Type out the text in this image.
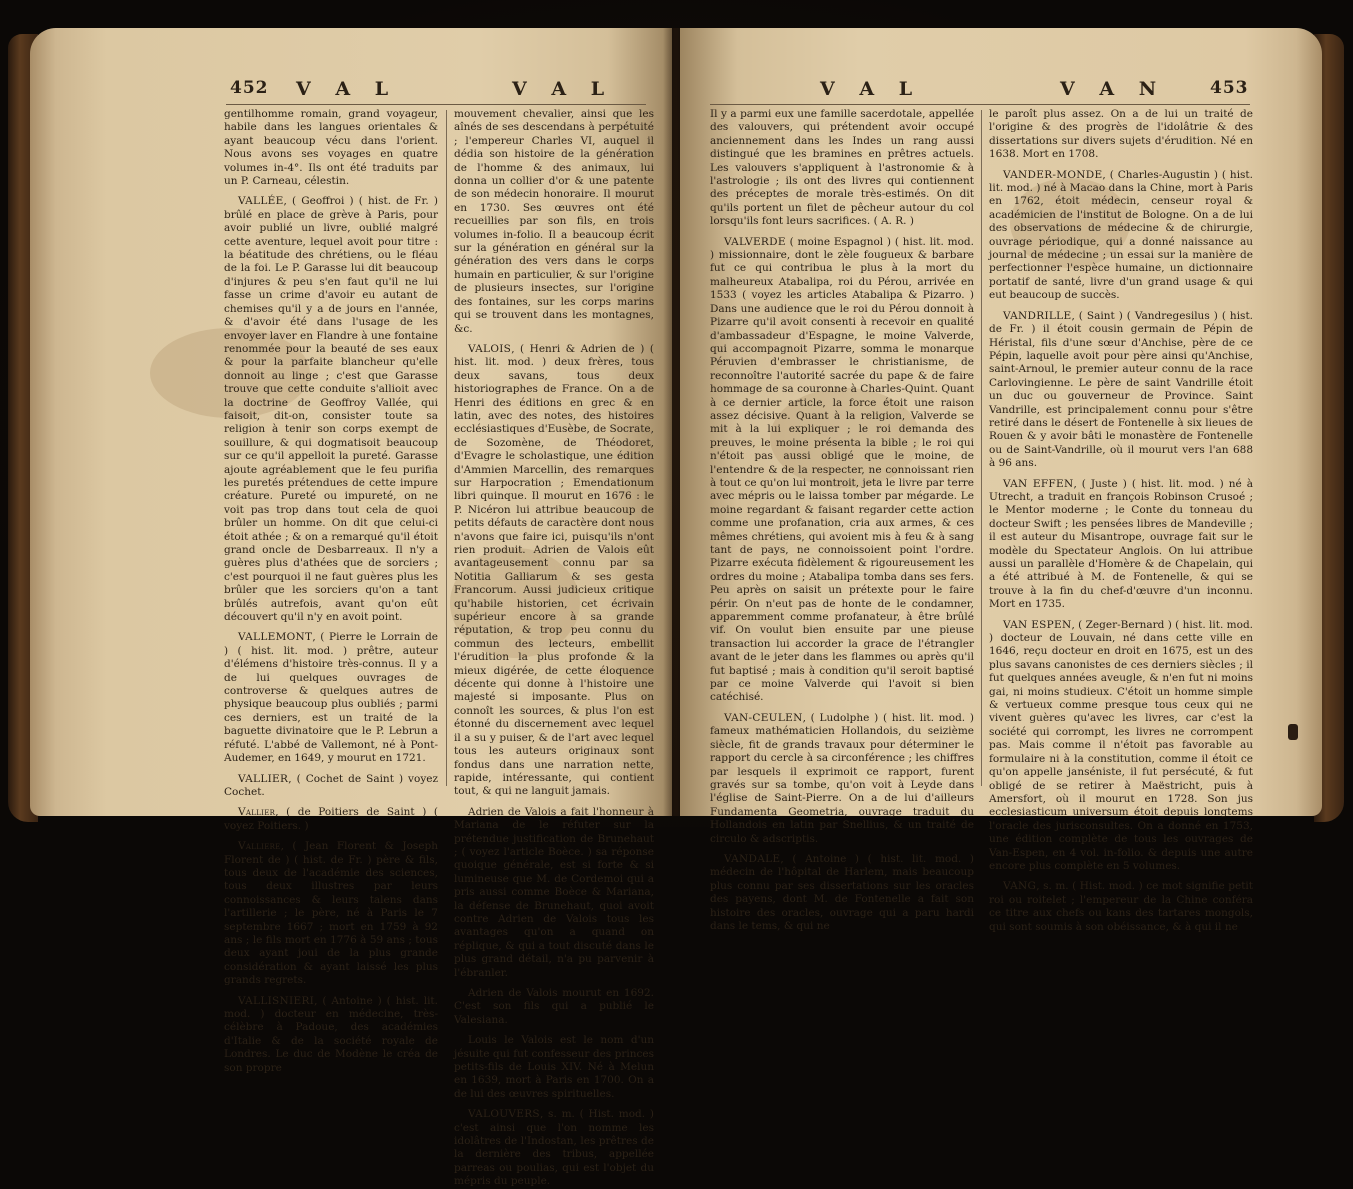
452 V A L	V A L

gentilhomme romain, grand voyageur, habile dans les langues orientales & ayant beaucoup vécu dans l'orient. Nous avons ses voyages en quatre volumes in-4°. Ils ont été traduits par un P. Carneau, célestin.

VALLÉE, ( Geoffroi ) ( hist. de Fr. ) brûlé en place de grève à Paris, pour avoir publié un livre, oublié malgré cette aventure, lequel avoit pour titre : la béatitude des chrétiens, ou le fléau de la foi. Le P. Garasse lui dit beaucoup d'injures & peu s'en faut qu'il ne lui fasse un crime d'avoir eu autant de chemises qu'il y a de jours en l'année, & d'avoir été dans l'usage de les envoyer laver en Flandre à une fontaine renommée pour la beauté de ses eaux & pour la parfaite blancheur qu'elle donnoit au linge ; c'est que Garasse trouve que cette conduite s'allioit avec la doctrine de Geoffroy Vallée, qui faisoit, dit-on, consister toute sa religion à tenir son corps exempt de souillure, & qui dogmatisoit beaucoup sur ce qu'il appelloit la pureté. Garasse ajoute agréablement que le feu purifia les puretés prétendues de cette impure créature. Pureté ou impureté, on ne voit pas trop dans tout cela de quoi brûler un homme. On dit que celui-ci étoit athée ; & on a remarqué qu'il étoit grand oncle de Desbarreaux. Il n'y a guères plus d'athées que de sorciers ; c'est pourquoi il ne faut guères plus les brûler que les sorciers qu'on a tant brûlés autrefois, avant qu'on eût découvert qu'il n'y en avoit point.

VALLEMONT, ( Pierre le Lorrain de ) ( hist. lit. mod. ) prêtre, auteur d'élémens d'histoire très-connus. Il y a de lui quelques ouvrages de controverse & quelques autres de physique beaucoup plus oubliés ; parmi ces derniers, est un traité de la baguette divinatoire que le P. Lebrun a réfuté. L'abbé de Vallemont, né à Pont-Audemer, en 1649, y mourut en 1721.

VALLIER, ( Cochet de Saint ) voyez Cochet.

Vallier, ( de Poitiers de Saint ) ( voyez Poitiers. )

Valliere, ( Jean Florent & Joseph Florent de ) ( hist. de Fr. ) père & fils, tous deux de l'académie des sciences, tous deux illustres par leurs connoissances & leurs talens dans l'artillerie ; le père, né à Paris le 7 septembre 1667 ; mort en 1759 à 92 ans ; le fils mort en 1776 à 59 ans ; tous deux ayant joui de la plus grande considération & ayant laissé les plus grands regrets.

VALLISNIERI, ( Antoine ) ( hist. lit. mod. ) docteur en médecine, très-célèbre à Padoue, des académies d'Italie & de la société royale de Londres. Le duc de Modène le créa de son propre

mouvement chevalier, ainsi que les aînés de ses descendans à perpétuité ; l'empereur Charles VI, auquel il dédia son histoire de la génération de l'homme & des animaux, lui donna un collier d'or & une patente de son médecin honoraire. Il mourut en 1730. Ses œuvres ont été recueillies par son fils, en trois volumes in-folio. Il a beaucoup écrit sur la génération en général sur la génération des vers dans le corps humain en particulier, & sur l'origine de plusieurs insectes, sur l'origine des fontaines, sur les corps marins qui se trouvent dans les montagnes, &c.

VALOIS, ( Henri & Adrien de ) ( hist. lit. mod. ) deux frères, tous deux savans, tous deux historiographes de France. On a de Henri des éditions en grec & en latin, avec des notes, des histoires ecclésiastiques d'Eusèbe, de Socrate, de Sozomène, de Théodoret, d'Evagre le scholastique, une édition d'Ammien Marcellin, des remarques sur Harpocration ; Emendationum libri quinque. Il mourut en 1676 : le P. Nicéron lui attribue beaucoup de petits défauts de caractère dont nous n'avons que faire ici, puisqu'ils n'ont rien produit. Adrien de Valois eût avantageusement connu par sa Notitia Galliarum & ses gesta Francorum. Aussi judicieux critique qu'habile historien, cet écrivain supérieur encore à sa grande réputation, & trop peu connu du commun des lecteurs, embellit l'érudition la plus profonde & la mieux digérée, de cette éloquence décente qui donne à l'histoire une majesté si imposante. Plus on connoît les sources, & plus l'on est étonné du discernement avec lequel il a su y puiser, & de l'art avec lequel tous les auteurs originaux sont fondus dans une narration nette, rapide, intéressante, qui contient tout, & qui ne languit jamais.

Adrien de Valois a fait l'honneur à Mariana de le réfuter sur la prétendue justification de Brunehaut ; ( voyez l'article Boèce. ) sa réponse quoique générale, est si forte & si lumineuse que M. de Cordemoi qui a pris aussi comme Boèce & Mariana, la défense de Brunehaut, quoi avoit contre Adrien de Valois tous les avantages qu'on a quand on réplique, & qui a tout discuté dans le plus grand détail, n'a pu parvenir à l'ébranler.

Adrien de Valois mourut en 1692. C'est son fils qui a publié le Valesiana.

Louis le Valois est le nom d'un jésuite qui fut confesseur des princes petits-fils de Louis XIV. Né à Melun en 1639, mort à Paris en 1700. On a de lui des œuvres spirituelles.

VALOUVERS, s. m. ( Hist. mod. ) c'est ainsi que l'on nomme les idolâtres de l'Indostan, les prêtres de la dernière des tribus, appellée parreas ou poulias, qui est l'objet du mépris du peuple.

V A L	V A N	453

Il y a parmi eux une famille sacerdotale, appellée des valouvers, qui prétendent avoir occupé anciennement dans les Indes un rang aussi distingué que les bramines en prêtres actuels. Les valouvers s'appliquent à l'astronomie & à l'astrologie ; ils ont des livres qui contiennent des préceptes de morale très-estimés. On dit qu'ils portent un filet de pêcheur autour du col lorsqu'ils font leurs sacrifices. ( A. R. )

VALVERDE ( moine Espagnol ) ( hist. lit. mod. ) missionnaire, dont le zèle fougueux & barbare fut ce qui contribua le plus à la mort du malheureux Atabalipa, roi du Pérou, arrivée en 1533 ( voyez les articles Atabalipa & Pizarro. ) Dans une audience que le roi du Pérou donnoit à Pizarre qu'il avoit consenti à recevoir en qualité d'ambassadeur d'Espagne, le moine Valverde, qui accompagnoit Pizarre, somma le monarque Péruvien d'embrasser le christianisme, de reconnoître l'autorité sacrée du pape & de faire hommage de sa couronne à Charles-Quint. Quant à ce dernier article, la force étoit une raison assez décisive. Quant à la religion, Valverde se mit à la lui expliquer ; le roi demanda des preuves, le moine présenta la bible ; le roi qui n'étoit pas aussi obligé que le moine, de l'entendre & de la respecter, ne connoissant rien à tout ce qu'on lui montroit, jeta le livre par terre avec mépris ou le laissa tomber par mégarde. Le moine regardant & faisant regarder cette action comme une profanation, cria aux armes, & ces mêmes chrétiens, qui avoient mis à feu & à sang tant de pays, ne connoissoient point l'ordre. Pizarre exécuta fidèlement & rigoureusement les ordres du moine ; Atabalipa tomba dans ses fers. Peu après on saisit un prétexte pour le faire périr. On n'eut pas de honte de le condamner, apparemment comme profanateur, à être brûlé vif. On voulut bien ensuite par une pieuse transaction lui accorder la grace de l'étrangler avant de le jeter dans les flammes ou après qu'il fut baptisé ; mais à condition qu'il seroit baptisé par ce moine Valverde qui l'avoit si bien catéchisé.

VAN-CEULEN, ( Ludolphe ) ( hist. lit. mod. ) fameux mathématicien Hollandois, du seizième siècle, fit de grands travaux pour déterminer le rapport du cercle à sa circonférence ; les chiffres par lesquels il exprimoit ce rapport, furent gravés sur sa tombe, qu'on voit à Leyde dans l'église de Saint-Pierre. On a de lui d'ailleurs Fundamenta Geometria, ouvrage traduit du Hollandois en latin par Snellius, & un traité de circulo & adscriptis.

VANDALE, ( Antoine ) ( hist. lit. mod. ) médecin de l'hôpital de Harlem, mais beaucoup plus connu par ses dissertations sur les oracles des payens, dont M. de Fontenelle a fait son histoire des oracles, ouvrage qui a paru hardi dans le tems, & qui ne

le paroît plus assez. On a de lui un traité de l'origine & des progrès de l'idolâtrie & des dissertations sur divers sujets d'érudition. Né en 1638. Mort en 1708.

VANDER-MONDE, ( Charles-Augustin ) ( hist. lit. mod. ) né à Macao dans la Chine, mort à Paris en 1762, étoit médecin, censeur royal & académicien de l'institut de Bologne. On a de lui des observations de médecine & de chirurgie, ouvrage périodique, qui a donné naissance au journal de médecine ; un essai sur la manière de perfectionner l'espèce humaine, un dictionnaire portatif de santé, livre d'un grand usage & qui eut beaucoup de succès.

VANDRILLE, ( Saint ) ( Vandregesilus ) ( hist. de Fr. ) il étoit cousin germain de Pépin de Héristal, fils d'une sœur d'Anchise, père de ce Pépin, laquelle avoit pour père ainsi qu'Anchise, saint-Arnoul, le premier auteur connu de la race Carlovingienne. Le père de saint Vandrille étoit un duc ou gouverneur de Province. Saint Vandrille, est principalement connu pour s'être retiré dans le désert de Fontenelle à six lieues de Rouen & y avoir bâti le monastère de Fontenelle ou de Saint-Vandrille, où il mourut vers l'an 688 à 96 ans.

VAN EFFEN, ( Juste ) ( hist. lit. mod. ) né à Utrecht, a traduit en françois Robinson Crusoé ; le Mentor moderne ; le Conte du tonneau du docteur Swift ; les pensées libres de Mandeville ; il est auteur du Misantrope, ouvrage fait sur le modèle du Spectateur Anglois. On lui attribue aussi un parallèle d'Homère & de Chapelain, qui a été attribué à M. de Fontenelle, & qui se trouve à la fin du chef-d'œuvre d'un inconnu. Mort en 1735.

VAN ESPEN, ( Zeger-Bernard ) ( hist. lit. mod. ) docteur de Louvain, né dans cette ville en 1646, reçu docteur en droit en 1675, est un des plus savans canonistes de ces derniers siècles ; il fut quelques années aveugle, & n'en fut ni moins gai, ni moins studieux. C'étoit un homme simple & vertueux comme presque tous ceux qui ne vivent guères qu'avec les livres, car c'est la société qui corrompt, les livres ne corrompent pas. Mais comme il n'étoit pas favorable au formulaire ni à la constitution, comme il étoit ce qu'on appelle janséniste, il fut persécuté, & fut obligé de se retirer à Maëstricht, puis à Amersfort, où il mourut en 1728. Son jus ecclesiasticum universum étoit depuis longtems l'oracle des jurisconsultes. On a donné en 1753, une édition complète de tous les ouvrages de Van-Espen, en 4 vol. in-folio. & depuis une autre encore plus complète en 5 volumes.

VANG, s. m. ( Hist. mod. ) ce mot signifie petit roi ou roitelet ; l'empereur de la Chine conféra ce titre aux chefs ou kans des tartares mongols, qui sont soumis à son obéissance, & à qui il ne
